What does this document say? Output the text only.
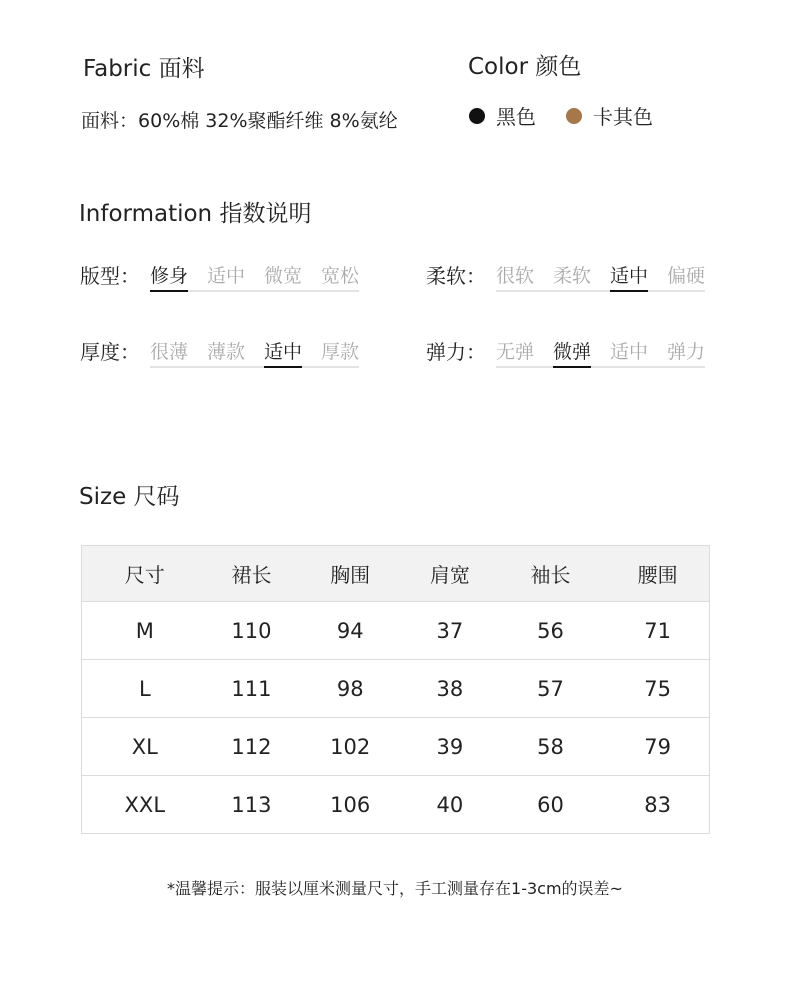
Fabric 面料
面料：60%棉 32%聚酯纤维 8%氨纶
Color 颜色
黑色	卡其色
Information 指数说明
版型： 修身 适中 微宽 宽松	柔软： 很软 柔软 适中 偏硬
厚度： 很薄 薄款 适中 厚款	弹力： 无弹 微弹 适中 弹力
Size 尺码
尺寸	裙长	胸围	肩宽	袖长	腰围
M	110	94	37	56	71
L	111	98	38	57	75
XL	112	102	39	58	79
XXL	113	106	40	60	83
*温馨提示：服装以厘米测量尺寸，手工测量存在1-3cm的误差~
